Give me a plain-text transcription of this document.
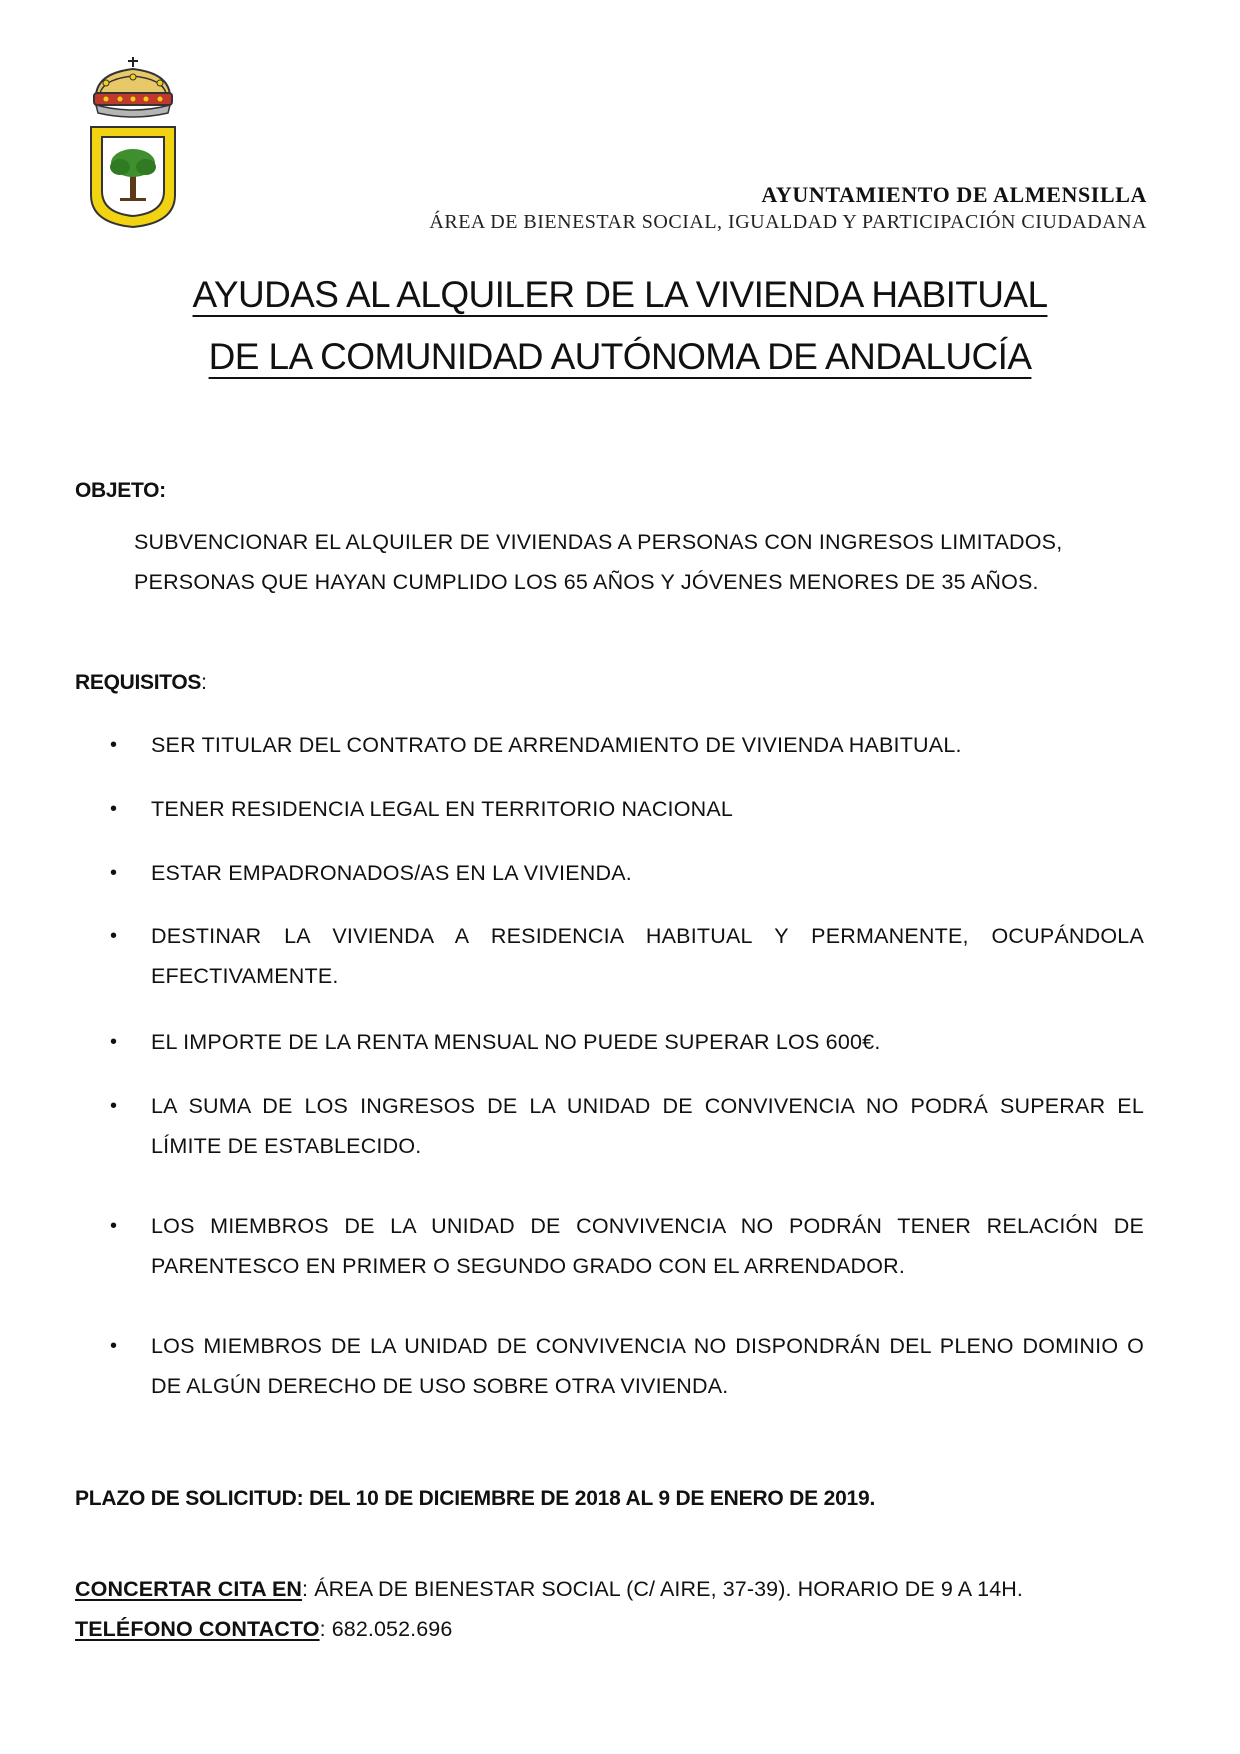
AYUNTAMIENTO DE ALMENSILLA
ÁREA DE BIENESTAR SOCIAL, IGUALDAD Y PARTICIPACIÓN CIUDADANA
AYUDAS AL ALQUILER DE LA VIVIENDA HABITUAL
DE LA COMUNIDAD AUTÓNOMA DE ANDALUCÍA
OBJETO:
SUBVENCIONAR EL ALQUILER DE VIVIENDAS A PERSONAS CON INGRESOS LIMITADOS, PERSONAS QUE HAYAN CUMPLIDO LOS 65 AÑOS Y JÓVENES MENORES DE 35 AÑOS.
REQUISITOS:
• SER TITULAR DEL CONTRATO DE ARRENDAMIENTO DE VIVIENDA HABITUAL.
• TENER RESIDENCIA LEGAL EN TERRITORIO NACIONAL
• ESTAR EMPADRONADOS/AS EN LA VIVIENDA.
• DESTINAR LA VIVIENDA A RESIDENCIA HABITUAL Y PERMANENTE, OCUPÁNDOLA EFECTIVAMENTE.
• EL IMPORTE DE LA RENTA MENSUAL NO PUEDE SUPERAR LOS 600€.
• LA SUMA DE LOS INGRESOS DE LA UNIDAD DE CONVIVENCIA NO PODRÁ SUPERAR EL LÍMITE DE ESTABLECIDO.
• LOS MIEMBROS DE LA UNIDAD DE CONVIVENCIA NO PODRÁN TENER RELACIÓN DE PARENTESCO EN PRIMER O SEGUNDO GRADO CON EL ARRENDADOR.
• LOS MIEMBROS DE LA UNIDAD DE CONVIVENCIA NO DISPONDRÁN DEL PLENO DOMINIO O DE ALGÚN DERECHO DE USO SOBRE OTRA VIVIENDA.
PLAZO DE SOLICITUD: DEL 10 DE DICIEMBRE DE 2018 AL 9 DE ENERO DE 2019.
CONCERTAR CITA EN: ÁREA DE BIENESTAR SOCIAL (C/ AIRE, 37-39). HORARIO DE 9 A 14H.
TELÉFONO CONTACTO: 682.052.696
